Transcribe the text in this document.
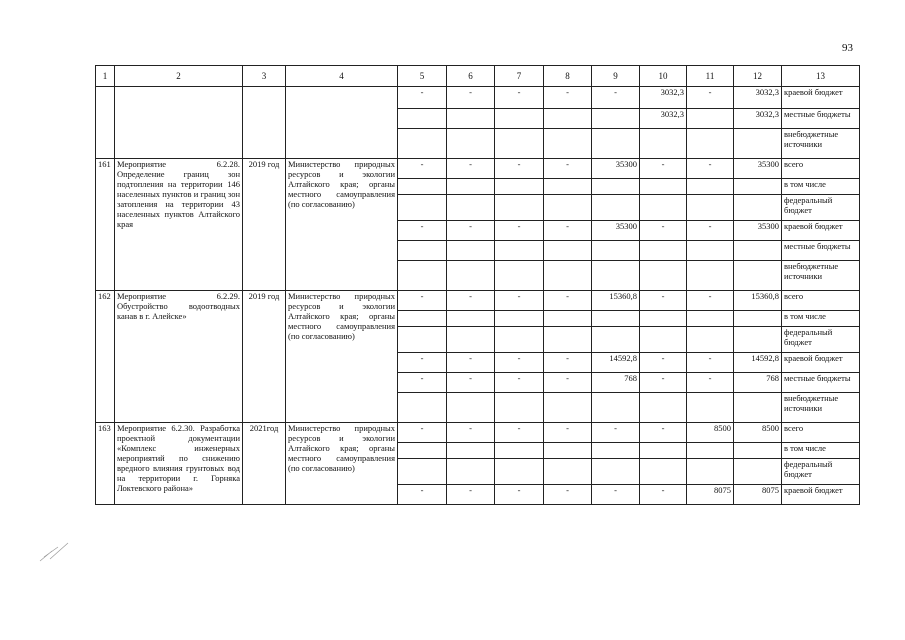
93
1	2	3	4	5	6	7	8	9	10	11	12	13
				-	-	-	-	-	3032,3	-	3032,3	краевой бюджет
									3032,3		3032,3	местные бюджеты
												внебюджетные источники
161	Мероприятие 6.2.28. Определение границ зон подтопления на территории 146 населенных пунктов и границ зон затопления на территории 43 населенных пунктов Алтайского края	2019 год	Министерство природных ресурсов и экологии Алтайского края; органы местного самоуправления (по согласованию)	-	-	-	-	35300	-	-	35300	всего
												в том числе
												федеральный бюджет
				-	-	-	-	35300	-	-	35300	краевой бюджет
												местные бюджеты
												внебюджетные источники
162	Мероприятие 6.2.29. Обустройство водоотводных канав в г. Алейске»	2019 год	Министерство природных ресурсов и экологии Алтайского края; органы местного самоуправления (по согласованию)	-	-	-	-	15360,8	-	-	15360,8	всего
												в том числе
												федеральный бюджет
				-	-	-	-	14592,8	-	-	14592,8	краевой бюджет
				-	-	-	-	768	-	-	768	местные бюджеты
												внебюджетные источники
163	Мероприятие 6.2.30. Разработка проектной документации «Комплекс инженерных мероприятий по снижению вредного влияния грунтовых вод на территории г. Горняка Локтевского района»	2021год	Министерство природных ресурсов и экологии Алтайского края; органы местного самоуправления (по согласованию)	-	-	-	-	-	-	8500	8500	всего
												в том числе
												федеральный бюджет
				-	-	-	-	-	-	8075	8075	краевой бюджет
